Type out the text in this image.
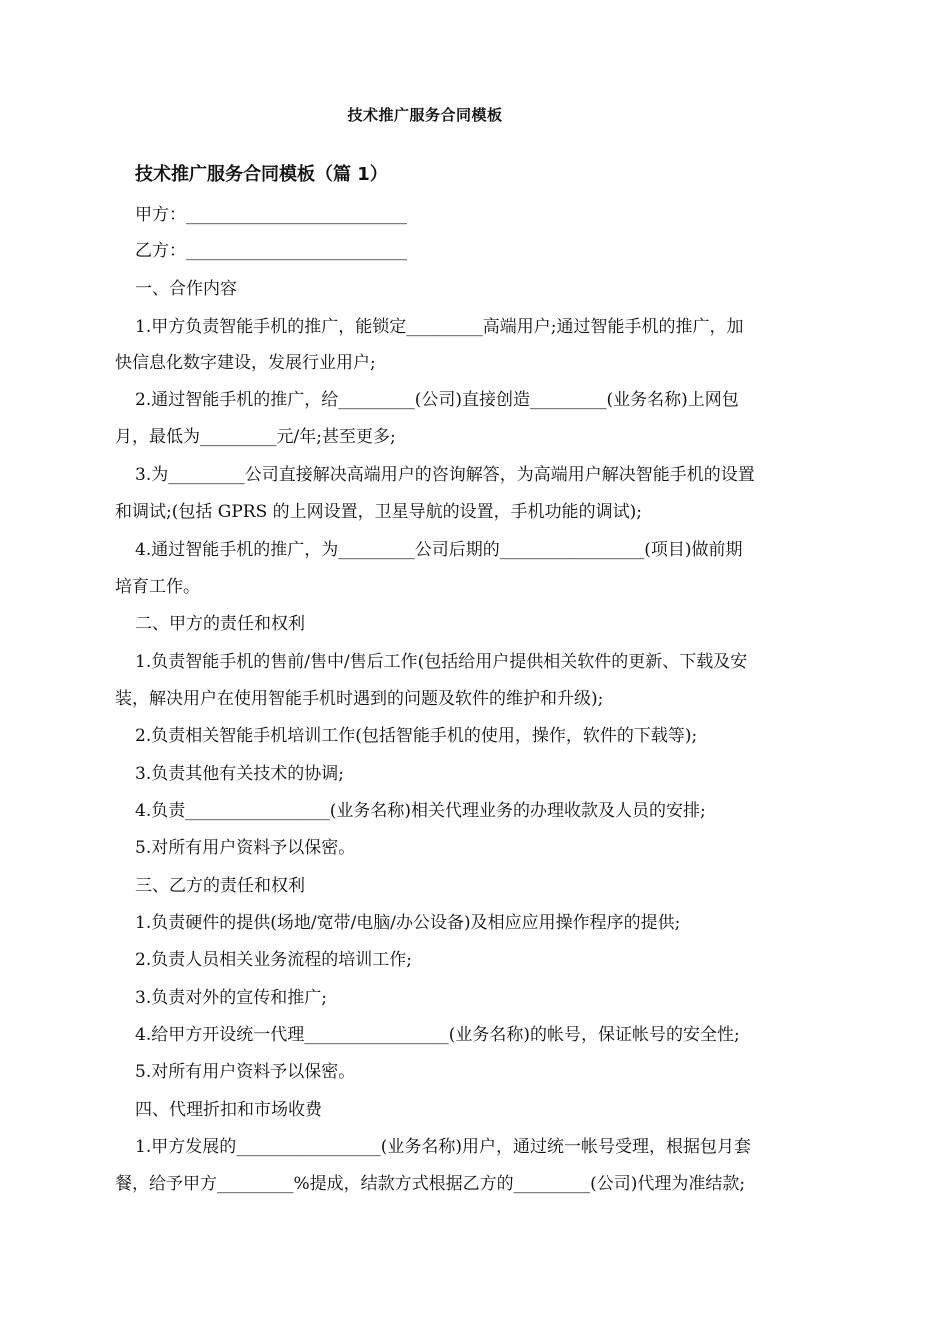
技术推广服务合同模板
技术推广服务合同模板（篇 1）
甲方：__________________________
乙方：__________________________
一、合作内容
1.甲方负责智能手机的推广，能锁定_________高端用户;通过智能手机的推广，加
快信息化数字建设，发展行业用户;
2.通过智能手机的推广，给_________(公司)直接创造_________(业务名称)上网包
月，最低为_________元/年;甚至更多;
3.为_________公司直接解决高端用户的咨询解答，为高端用户解决智能手机的设置
和调试;(包括 GPRS 的上网设置，卫星导航的设置，手机功能的调试);
4.通过智能手机的推广，为_________公司后期的_________________(项目)做前期
培育工作。
二、甲方的责任和权利
1.负责智能手机的售前/售中/售后工作(包括给用户提供相关软件的更新、下载及安
装，解决用户在使用智能手机时遇到的问题及软件的维护和升级);
2.负责相关智能手机培训工作(包括智能手机的使用，操作，软件的下载等);
3.负责其他有关技术的协调;
4.负责_________________(业务名称)相关代理业务的办理收款及人员的安排;
5.对所有用户资料予以保密。
三、乙方的责任和权利
1.负责硬件的提供(场地/宽带/电脑/办公设备)及相应应用操作程序的提供;
2.负责人员相关业务流程的培训工作;
3.负责对外的宣传和推广;
4.给甲方开设统一代理_________________(业务名称)的帐号，保证帐号的安全性;
5.对所有用户资料予以保密。
四、代理折扣和市场收费
1.甲方发展的_________________(业务名称)用户，通过统一帐号受理，根据包月套
餐，给予甲方_________%提成，结款方式根据乙方的_________(公司)代理为准结款;
